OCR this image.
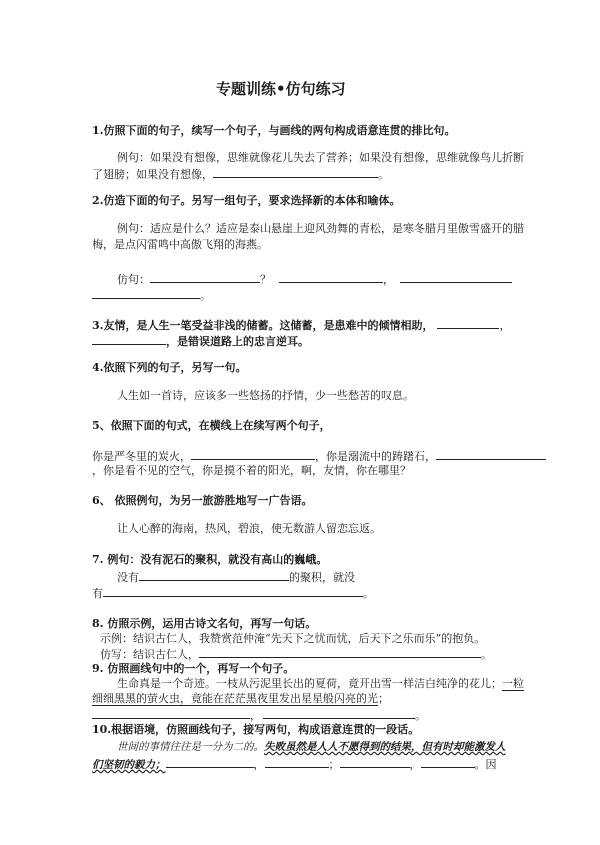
专题训练•仿句练习
1.仿照下面的句子，续写一个句子，与画线的两句构成语意连贯的排比句。
例句：如果没有想像，思维就像花儿失去了营养；如果没有想像，思维就像鸟儿折断
了翅膀；如果没有想像，	。
2.仿造下面的句子。另写一组句子，要求选择新的本体和喻体。
例句：适应是什么？适应是泰山悬崖上迎风劲舞的青松，是寒冬腊月里傲雪盛开的腊
梅，是点闪雷鸣中高傲飞翔的海燕。
仿句：	？	，
。
3.友情，是人生一笔受益非浅的储蓄。这储蓄，是患难中的倾情相助，	，
，是错误道路上的忠言逆耳。
4.依照下列的句子，另写一句。
人生如一首诗，应该多一些悠扬的抒情，少一些愁苦的叹息。
5、依照下面的句式，在横线上在续写两个句子，
你是严冬里的炭火，	，你是溺流中的踌躇石，
，你是看不见的空气，你是摸不着的阳光，啊，友情，你在哪里？
6、 依照例句，为另一旅游胜地写一广告语。
让人心醉的海南，热风，碧浪，使无数游人留恋忘返。
7. 例句：没有泥石的聚积，就没有高山的巍峨。
没有	的聚积，就没
有	。
8. 仿照示例，运用古诗文名句，再写一句话。
示例：结识古仁人，我赞赏范仲淹“先天下之忧而忧，后天下之乐而乐”的抱负。
仿写：结识古仁人，	。
9. 仿照画线句中的一个，再写一个句子。
生命真是一个奇迹。一枝从污泥里长出的夏荷，竟开出雪一样洁白纯净的花儿；一粒
细细黑黑的萤火虫，竟能在茫茫黑夜里发出星星般闪亮的光；
，	。
10.根据语境，仿照画线句子，接写两句，构成语意连贯的一段话。
世间的事情往往是一分为二的。失败虽然是人人不愿得到的结果，但有时却能激发人
们坚韧的毅力；	，	；	，	。因
